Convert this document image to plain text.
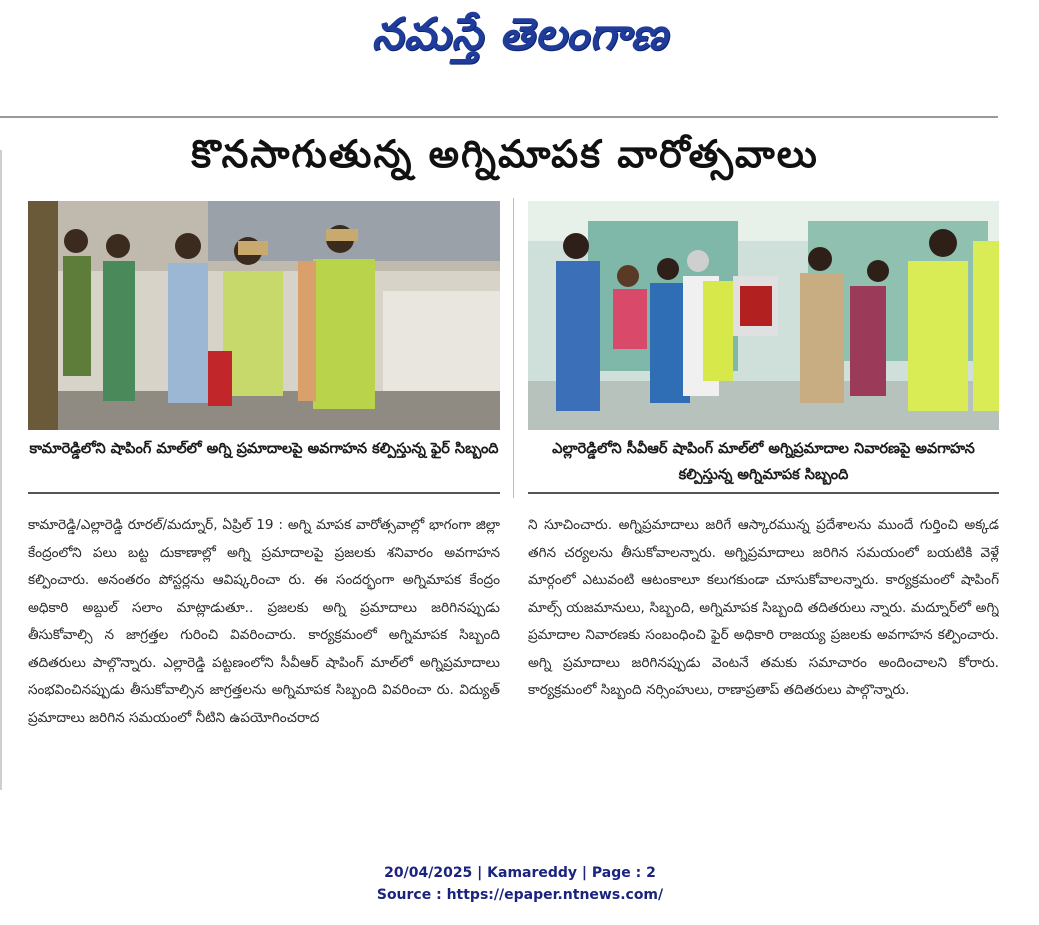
నమస్తే తెలంగాణ
కొనసాగుతున్న అగ్నిమాపక వారోత్సవాలు
కామారెడ్డిలోని షాపింగ్ మాల్‌లో అగ్ని ప్రమాదాలపై అవగాహన కల్పిస్తున్న ఫైర్ సిబ్బంది	ఎల్లారెడ్డిలోని సీవీఆర్ షాపింగ్ మాల్‌లో అగ్నిప్రమాదాల నివారణపై అవగాహన కల్పిస్తున్న అగ్నిమాపక సిబ్బంది
కామారెడ్డి/ఎల్లారెడ్డి రూరల్/మద్నూర్, ఏప్రిల్ 19 : అగ్ని మాపక వారోత్సవాల్లో భాగంగా జిల్లా కేంద్రంలోని పలు బట్ట దుకాణాల్లో అగ్ని ప్రమాదాలపై ప్రజలకు శనివారం అవగాహన కల్పించారు. అనంతరం పోస్టర్లను ఆవిష్కరించా రు. ఈ సందర్భంగా అగ్నిమాపక కేంద్రం అధికారి అబ్దుల్ సలాం మాట్లాడుతూ.. ప్రజలకు అగ్ని ప్రమాదాలు జరిగినప్పుడు తీసుకోవాల్సి న జాగ్రత్తల గురించి వివరించారు. కార్యక్రమంలో అగ్నిమాపక సిబ్బంది తదితరులు పాల్గొన్నారు. ఎల్లారెడ్డి పట్టణంలోని సీవీఆర్ షాపింగ్ మాల్‌లో అగ్నిప్రమాదాలు సంభవించినప్పుడు తీసుకోవాల్సిన జాగ్రత్తలను అగ్నిమాపక సిబ్బంది వివరించా రు. విద్యుత్ ప్రమాదాలు జరిగిన సమయంలో నీటిని ఉపయోగించరాద
ని సూచించారు. అగ్నిప్రమాదాలు జరిగే ఆస్కారమున్న ప్రదేశాలను ముందే గుర్తించి అక్కడ తగిన చర్యలను తీసుకోవాలన్నారు. అగ్నిప్రమాదాలు జరిగిన సమయంలో బయటికి వెళ్లే మార్గంలో ఎటువంటి ఆటంకాలూ కలుగకుండా చూసుకోవాలన్నారు. కార్యక్రమంలో షాపింగ్ మాల్స్ యజమానులు, సిబ్బంది, అగ్నిమాపక సిబ్బంది తదితరులు న్నారు. మద్నూర్‌లో అగ్ని ప్రమాదాల నివారణకు సంబంధించి ఫైర్ అధికారి రాజయ్య ప్రజలకు అవగాహన కల్పించారు. అగ్ని ప్రమాదాలు జరిగినప్పుడు వెంటనే తమకు సమాచారం అందించాలని కోరారు. కార్యక్రమంలో సిబ్బంది నర్సింహులు, రాణాప్రతాప్ తదితరులు పాల్గొన్నారు.
20/04/2025 | Kamareddy | Page : 2
Source : https://epaper.ntnews.com/
